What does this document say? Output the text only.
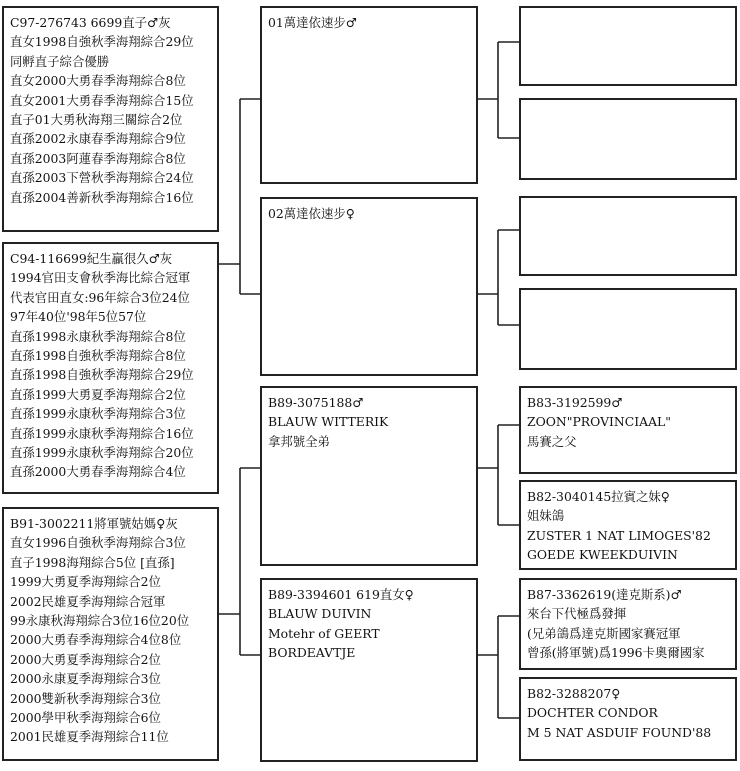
C97-276743 6699直子♂灰
直女1998自強秋季海翔綜合29位
同孵直子綜合優勝
直女2000大勇春季海翔綜合8位
直女2001大勇春季海翔綜合15位
直子01大勇秋海翔三關綜合2位
直孫2002永康春季海翔綜合9位
直孫2003阿蓮春季海翔綜合8位
直孫2003下營秋季海翔綜合24位
直孫2004善新秋季海翔綜合16位
C94-116699紀生贏很久♂灰
1994官田支會秋季海比綜合冠軍
代表官田直女:96年綜合3位24位
97年40位'98年5位57位
直孫1998永康秋季海翔綜合8位
直孫1998自強秋季海翔綜合8位
直孫1998自強秋季海翔綜合29位
直孫1999大勇夏季海翔綜合2位
直孫1999永康秋季海翔綜合3位
直孫1999永康秋季海翔綜合16位
直孫1999永康秋季海翔綜合20位
直孫2000大勇春季海翔綜合4位
B91-3002211將軍號姑媽♀灰
直女1996自強秋季海翔綜合3位
直子1998海翔綜合5位 [直孫]
1999大勇夏季海翔綜合2位
2002民雄夏季海翔綜合冠軍
99永康秋海翔綜合3位16位20位
2000大勇春季海翔綜合4位8位
2000大勇夏季海翔綜合2位
2000永康夏季海翔綜合3位
2000雙新秋季海翔綜合3位
2000學甲秋季海翔綜合6位
2001民雄夏季海翔綜合11位
01萬達依速步♂
02萬達依速步♀
B89-3075188♂
BLAUW WITTERIK
拿邦號全弟
B89-3394601 619直女♀
BLAUW DUIVIN
Motehr of GEERT
BORDEAVTJE
B83-3192599♂
ZOON"PROVINCIAAL"
馬賽之父
B82-3040145拉賓之妹♀
姐妹鴿
ZUSTER 1 NAT LIMOGES'82
GOEDE KWEEKDUIVIN
B87-3362619(達克斯系)♂
來台下代極爲發揮
(兄弟鴿爲達克斯國家賽冠軍
曾孫(將軍號)爲1996卡奧爾國家
B82-3288207♀
DOCHTER CONDOR
M 5 NAT ASDUIF FOUND'88
